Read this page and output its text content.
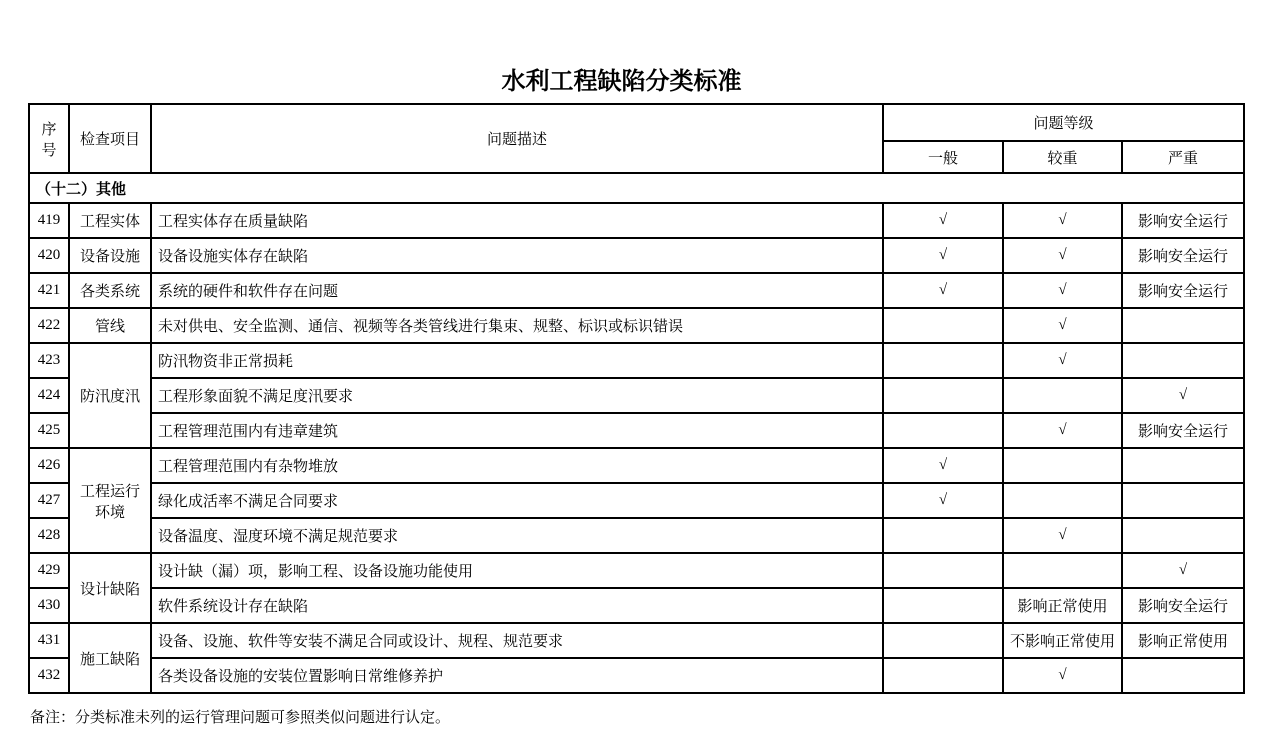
水利工程缺陷分类标准
序号	检查项目	问题描述	问题等级		
			一般	较重	严重
（十二）其他					
419	工程实体	工程实体存在质量缺陷	√	√	影响安全运行
420	设备设施	设备设施实体存在缺陷	√	√	影响安全运行
421	各类系统	系统的硬件和软件存在问题	√	√	影响安全运行
422	管线	未对供电、安全监测、通信、视频等各类管线进行集束、规整、标识或标识错误		√	
423	防汛度汛	防汛物资非正常损耗		√	
424		工程形象面貌不满足度汛要求			√
425		工程管理范围内有违章建筑		√	影响安全运行
426	工程运行环境	工程管理范围内有杂物堆放	√		
427		绿化成活率不满足合同要求	√		
428		设备温度、湿度环境不满足规范要求		√	
429	设计缺陷	设计缺（漏）项，影响工程、设备设施功能使用			√
430		软件系统设计存在缺陷		影响正常使用	影响安全运行
431	施工缺陷	设备、设施、软件等安装不满足合同或设计、规程、规范要求		不影响正常使用	影响正常使用
432		各类设备设施的安装位置影响日常维修养护		√	

备注：分类标准未列的运行管理问题可参照类似问题进行认定。
